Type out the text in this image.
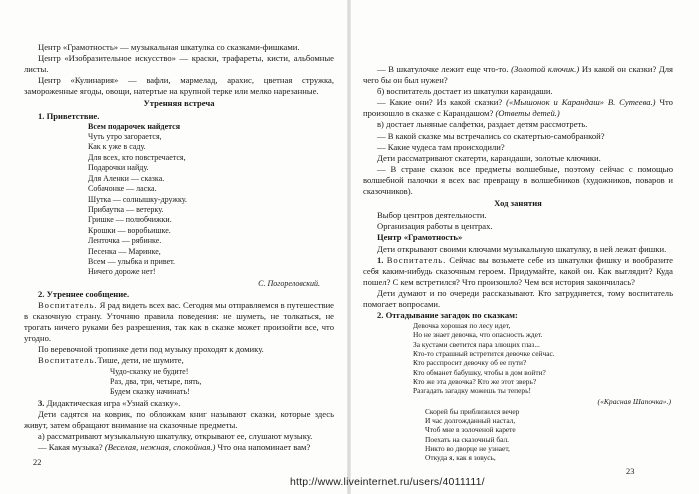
Центр «Грамотность» — музыкальная шкатулка со сказками-фишками.
Центр «Изобразительное искусство» — краски, трафареты, кисти, альбомные листы.
Центр «Кулинария» — вафли, мармелад, арахис, цветная стружка, замороженные ягоды, овощи, натертые на крупной терке или мелко нарезанные.
Утренняя встреча
1. Приветствие.
Всем подарочек найдется
Чуть утро загорается,
Как к уже в саду.
Для всех, кто повстречается,
Подарочки найду.
Для Аленки — сказка.
Собачонке — ласка.
Шутка — солнышку-дружку.
Прибаутка — ветерку.
Гришке — полюбчижки.
Крошки — воробьишке.
Ленточка — рябинке.
Песенка — Маринке,
Всем — улыбка и привет.
Ничего дороже нет!
С. Погореловский.
2. Утреннее сообщение.
Воспитатель. Я рад видеть всех вас. Сегодня мы отправляемся в путешествие в сказочную страну. Уточняю правила поведения: не шуметь, не толкаться, не трогать ничего руками без разрешения, так как в сказке может произойти все, что угодно.
По веревочной тропинке дети под музыку проходят к домику.
Воспитатель.Тише, дети, не шумите,
Чудо-сказку не будите!
Раз, два, три, четыре, пять,
Будем сказку начинать!
3. Дидактическая игра «Узнай сказку».
Дети садятся на коврик, по обложкам книг называют сказки, которые здесь живут, затем обращают внимание на сказочные предметы.
а) рассматривают музыкальную шкатулку, открывают ее, слушают музыку.
— Какая музыка? (Веселая, нежная, спокойная.) Что она напоминает вам?
— В шкатулочке лежит еще что-то. (Золотой ключик.) Из какой он сказки? Для чего бы он был нужен?
б) воспитатель достает из шкатулки карандаши.
— Какие они? Из какой сказки? («Мышонок и Карандаш» В. Сутеева.) Что произошло в сказке с Карандашом? (Ответы детей.)
в) достает льняные салфетки, раздает детям рассмотреть.
— В какой сказке мы встречались со скатертью-самобранкой?
— Какие чудеса там происходили?
Дети рассматривают скатерти, карандаши, золотые ключики.
— В стране сказок все предметы волшебные, поэтому сейчас с помощью волшебной палочки я всех вас превращу в волшебников (художников, поваров и сказочников).
Ход занятия
Выбор центров деятельности.
Организация работы в центрах.
Центр «Грамотность»
Дети открывают своими ключами музыкальную шкатулку, в ней лежат фишки.
1. Воспитатель. Сейчас вы возьмете себе из шкатулки фишку и вообразите себя каким-нибудь сказочным героем. Придумайте, какой он. Как выглядит? Куда пошел? С кем встретился? Что произошло? Чем вся история закончилась?
Дети думают и по очереди рассказывают. Кто затрудняется, тому воспитатель помогает вопросами.
2. Отгадывание загадок по сказкам:
Девочка хорошая по лесу идет,
Но не знает девочка, что опасность ждет.
За кустами светится пара злющих глаз...
Кто-то страшный встретится девочке сейчас.
Кто расспросит девочку об ее пути?
Кто обманет бабушку, чтобы в дом войти?
Кто же эта девочка? Кто же этот зверь?
Разгадать загадку можешь ты теперь!
(«Красная Шапочка».)
Скорей бы приблизился вечер
И час долгожданный настал,
Чтоб мне в золоченой карете
Поехать на сказочный бал.
Никто во дворце не узнает,
Откуда я, как я зовусь,
22
23
http://www.liveinternet.ru/users/4011111/
